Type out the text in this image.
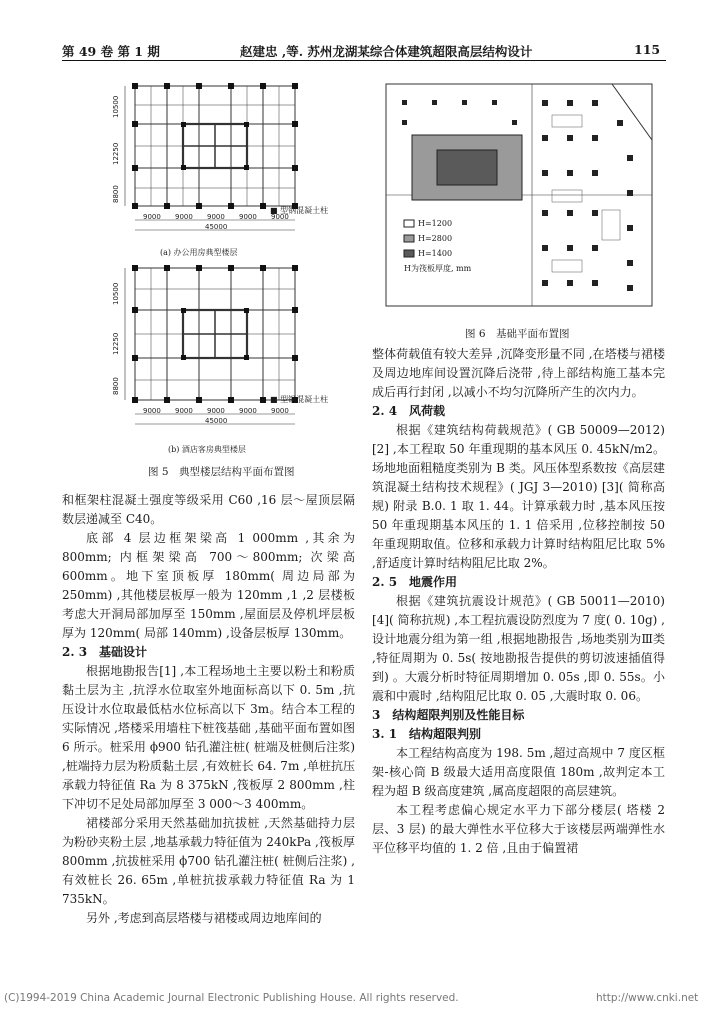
第 49 卷 第 1 期	赵建忠 ,等. 苏州龙湖某综合体建筑超限高层结构设计	115
9000 9000 9000 9000 9000
45000
10500
12250
8800
■ 型钢混凝土柱
(a) 办公用房典型楼层
9000 9000 9000 9000 9000
45000
10500
12250
8800
■ 型钢混凝土柱
(b) 酒店客房典型楼层
图 5　典型楼层结构平面布置图
H=1200
H=2800
H=1400
H为筏板厚度, mm
图 6　基础平面布置图

和框架柱混凝土强度等级采用 C60 ,16 层～屋顶层隔数层递减至 C40。

底部 4 层边框架梁高 1 000mm ,其余为 800mm; 内框架梁高 700～800mm; 次梁高 600mm。地下室顶板厚 180mm( 周边局部为 250mm) ,其他楼层板厚一般为 120mm ,1 ,2 层楼板考虑大开洞局部加厚至 150mm ,屋面层及停机坪层板厚为 120mm( 局部 140mm) ,设备层板厚 130mm。

2. 3　基础设计

根据地勘报告[1] ,本工程场地土主要以粉土和粉质黏土层为主 ,抗浮水位取室外地面标高以下 0. 5m ,抗压设计水位取最低枯水位标高以下 3m。结合本工程的实际情况 ,塔楼采用墙柱下桩筏基础 ,基础平面布置如图 6 所示。桩采用 ϕ900 钻孔灌注桩( 桩端及桩侧后注浆) ,桩端持力层为粉质黏土层 ,有效桩长 64. 7m ,单桩抗压承载力特征值 Ra 为 8 375kN ,筏板厚 2 800mm ,柱下冲切不足处局部加厚至 3 000～3 400mm。

裙楼部分采用天然基础加抗拔桩 ,天然基础持力层为粉砂夹粉土层 ,地基承载力特征值为 240kPa ,筏板厚 800mm ,抗拔桩采用 ϕ700 钻孔灌注桩( 桩侧后注浆) ,有效桩长 26. 65m ,单桩抗拔承载力特征值 Ra 为 1 735kN。

另外 ,考虑到高层塔楼与裙楼或周边地库间的

整体荷载值有较大差异 ,沉降变形量不同 ,在塔楼与裙楼及周边地库间设置沉降后浇带 ,待上部结构施工基本完成后再行封闭 ,以减小不均匀沉降所产生的次内力。

2. 4　风荷载

根据《建筑结构荷载规范》( GB 50009—2012) [2] ,本工程取 50 年重现期的基本风压 0. 45kN/m2。场地地面粗糙度类别为 B 类。风压体型系数按《高层建筑混凝土结构技术规程》( JGJ 3—2010) [3]( 简称高规) 附录 B.0. 1 取 1. 44。计算承载力时 ,基本风压按 50 年重现期基本风压的 1. 1 倍采用 ,位移控制按 50 年重现期取值。位移和承载力计算时结构阻尼比取 5% ,舒适度计算时结构阻尼比取 2%。

2. 5　地震作用

根据《建筑抗震设计规范》( GB 50011—2010) [4]( 简称抗规) ,本工程抗震设防烈度为 7 度( 0. 10g) ,设计地震分组为第一组 ,根据地勘报告 ,场地类别为Ⅲ类 ,特征周期为 0. 5s( 按地勘报告提供的剪切波速插值得到) 。大震分析时特征周期增加 0. 05s ,即 0. 55s。小震和中震时 ,结构阻尼比取 0. 05 ,大震时取 0. 06。

3　结构超限判别及性能目标
3. 1　结构超限判别

本工程结构高度为 198. 5m ,超过高规中 7 度区框架-核心筒 B 级最大适用高度限值 180m ,故判定本工程为超 B 级高度建筑 ,属高度超限的高层建筑。

本工程考虑偏心规定水平力下部分楼层( 塔楼 2 层、3 层) 的最大弹性水平位移大于该楼层两端弹性水平位移平均值的 1. 2 倍 ,且由于偏置裙

(C)1994-2019 China Academic Journal Electronic Publishing House. All rights reserved.	http://www.cnki.net
